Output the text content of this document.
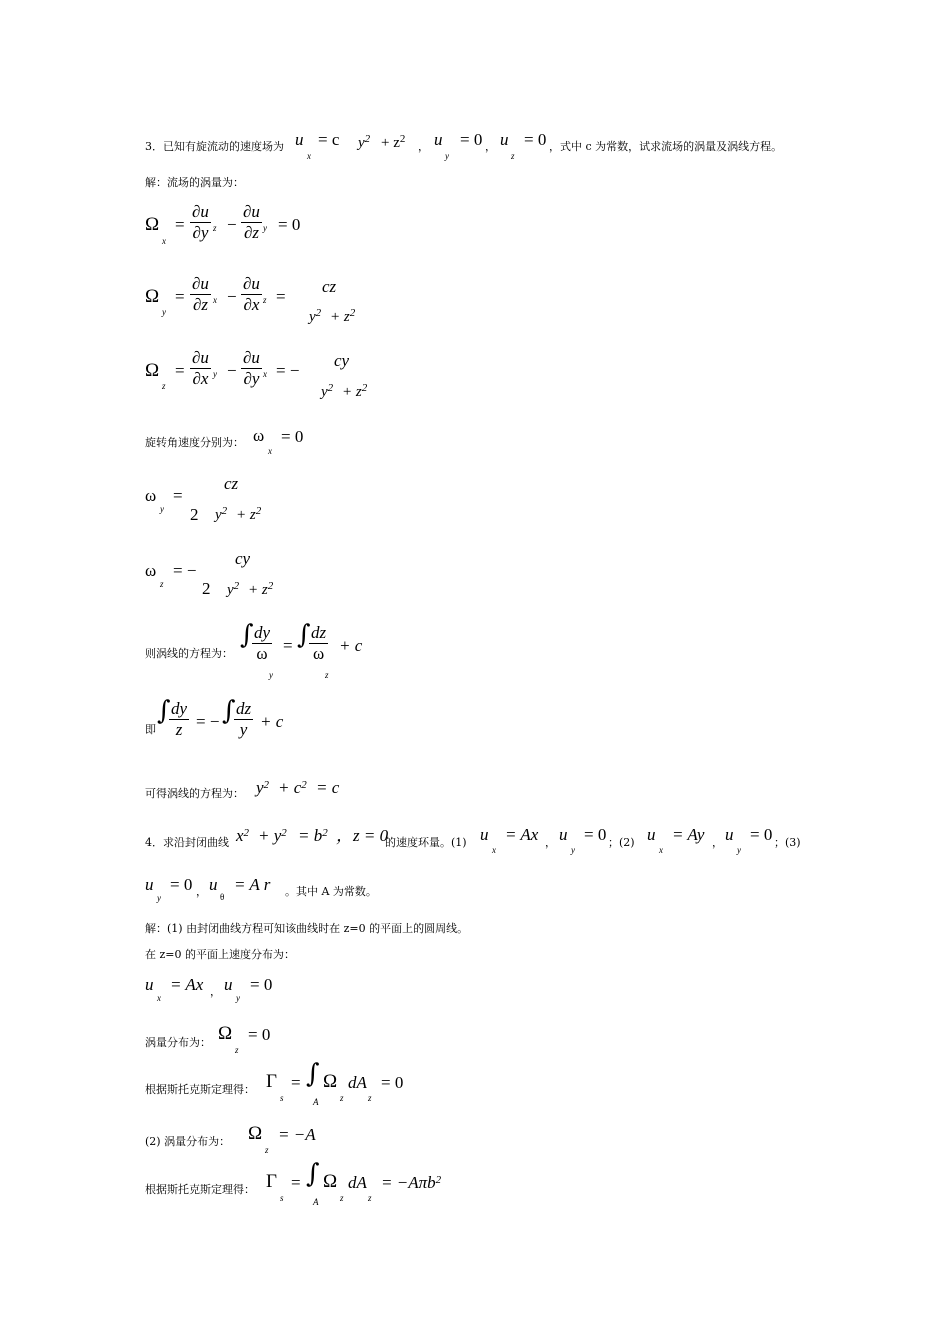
3．已知有旋流动的速度场为 u
x
= c $y^2 + z^2$
， u
y
= 0 ， u
z
= 0 ，式中 c 为常数，试求流场的涡量及涡线方程。
解：流场的涡量为：
Ω
x
=
∂u
∂y z −
∂u
∂z y = 0
Ω
y
=
∂u
∂z x −
∂u
∂x z =
cz
$y^2 + z^2$
Ω
z
=
∂u
∂x y −
∂u
∂y x = −
cy
$y^2 + z^2$
旋转角速度分别为： ω
x
= 0
ω
y
=
cz
2 $y^2 + z^2$
ω
z
= −
cy
2 $y^2 + z^2$
则涡线的方程为：
∫ dy
ω
y
= ∫ dz
ω
z
+ c
即
∫ dy
z = − ∫ dz
y + c
可得涡线的方程为： $y^2 + c^2 = c$
4．求沿封闭曲线 $x^2 + y^2 = b^2$ ，z = 0
的速度环量。(1) u
x
= Ax ， u
y
= 0 ；(2) u
x
= Ay ， u
y
= 0 ；(3)
u
y
= 0 ， u
θ
= A r 。其中 A 为常数。
解：(1) 由封闭曲线方程可知该曲线时在 z=0 的平面上的圆周线。
在 z=0 的平面上速度分布为：
u
x
= Ax ， u
y
= 0
涡量分布为： Ω
z
= 0
根据斯托克斯定理得： Γ
s
= ∫
A
Ω
z
dA
z
= 0
(2) 涡量分布为： Ω
z
= −A
根据斯托克斯定理得： Γ
s
= ∫
A
Ω
z
dA
z
= −Aπb$^2$
